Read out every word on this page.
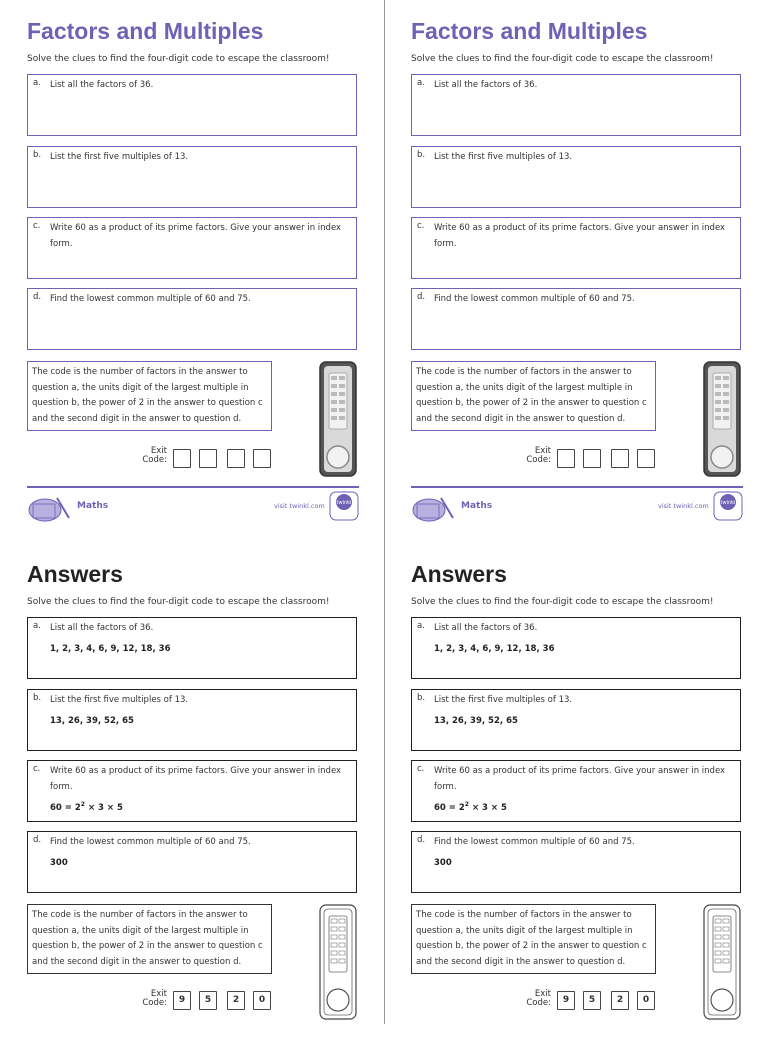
Factors and Multiples
Solve the clues to find the four-digit code to escape the classroom!
a. List all the factors of 36.
b. List the first five multiples of 13.
c. Write 60 as a product of its prime factors. Give your answer in index form.
d. Find the lowest common multiple of 60 and 75.
The code is the number of factors in the answer to question a, the units digit of the largest multiple in question b, the power of 2 in the answer to question c and the second digit in the answer to question d.
Exit Code:
Maths	visit twinkl.com twinkl
Factors and Multiples
Solve the clues to find the four-digit code to escape the classroom!
a. List all the factors of 36.
b. List the first five multiples of 13.
c. Write 60 as a product of its prime factors. Give your answer in index form.
d. Find the lowest common multiple of 60 and 75.
The code is the number of factors in the answer to question a, the units digit of the largest multiple in question b, the power of 2 in the answer to question c and the second digit in the answer to question d.
Exit Code:
Maths	visit twinkl.com twinkl
Answers
Solve the clues to find the four-digit code to escape the classroom!
a. List all the factors of 36.
1, 2, 3, 4, 6, 9, 12, 18, 36
b. List the first five multiples of 13.
13, 26, 39, 52, 65
c. Write 60 as a product of its prime factors. Give your answer in index form.
$60 = 2^2 \times 3 \times 5$
d. Find the lowest common multiple of 60 and 75.
300
The code is the number of factors in the answer to question a, the units digit of the largest multiple in question b, the power of 2 in the answer to question c and the second digit in the answer to question d.
Exit Code:	9	5	2	0
Answers
Solve the clues to find the four-digit code to escape the classroom!
a. List all the factors of 36.
1, 2, 3, 4, 6, 9, 12, 18, 36
b. List the first five multiples of 13.
13, 26, 39, 52, 65
c. Write 60 as a product of its prime factors. Give your answer in index form.
$60 = 2^2 \times 3 \times 5$
d. Find the lowest common multiple of 60 and 75.
300
The code is the number of factors in the answer to question a, the units digit of the largest multiple in question b, the power of 2 in the answer to question c and the second digit in the answer to question d.
Exit Code:	9	5	2	0
